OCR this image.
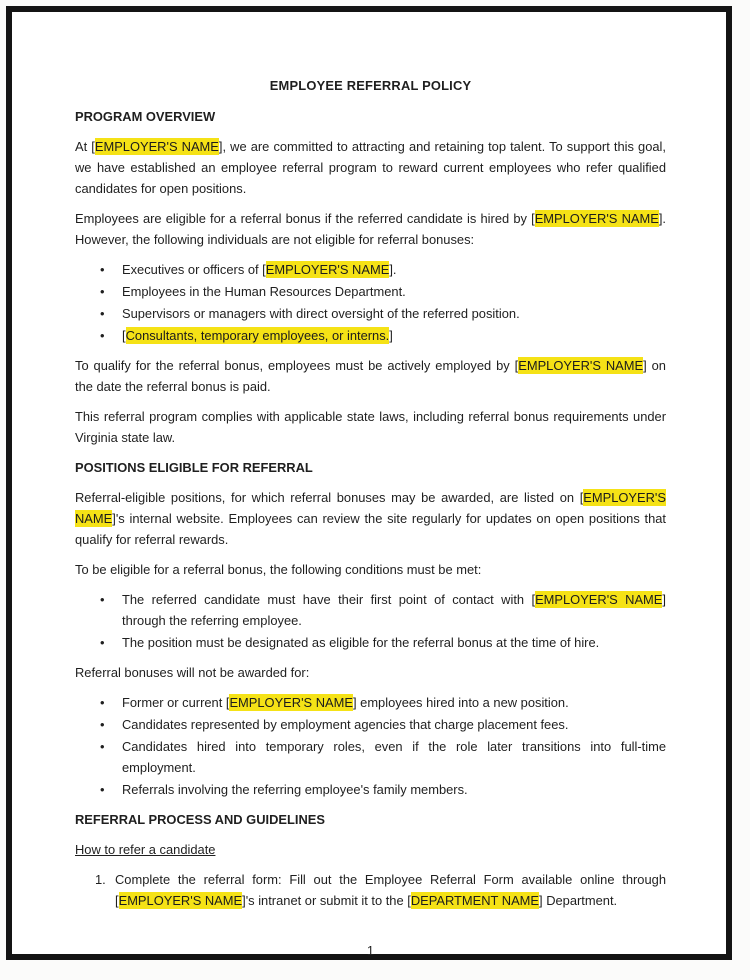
EMPLOYEE REFERRAL POLICY

PROGRAM OVERVIEW

At [EMPLOYER'S NAME], we are committed to attracting and retaining top talent. To support this goal, we have established an employee referral program to reward current employees who refer qualified candidates for open positions.

Employees are eligible for a referral bonus if the referred candidate is hired by [EMPLOYER'S NAME]. However, the following individuals are not eligible for referral bonuses:

• Executives or officers of [EMPLOYER'S NAME].
• Employees in the Human Resources Department.
• Supervisors or managers with direct oversight of the referred position.
• [Consultants, temporary employees, or interns.]

To qualify for the referral bonus, employees must be actively employed by [EMPLOYER'S NAME] on the date the referral bonus is paid.

This referral program complies with applicable state laws, including referral bonus requirements under Virginia state law.

POSITIONS ELIGIBLE FOR REFERRAL

Referral-eligible positions, for which referral bonuses may be awarded, are listed on [EMPLOYER'S NAME]'s internal website. Employees can review the site regularly for updates on open positions that qualify for referral rewards.

To be eligible for a referral bonus, the following conditions must be met:

• The referred candidate must have their first point of contact with [EMPLOYER'S NAME] through the referring employee.
• The position must be designated as eligible for the referral bonus at the time of hire.

Referral bonuses will not be awarded for:

• Former or current [EMPLOYER'S NAME] employees hired into a new position.
• Candidates represented by employment agencies that charge placement fees.
• Candidates hired into temporary roles, even if the role later transitions into full-time employment.
• Referrals involving the referring employee's family members.

REFERRAL PROCESS AND GUIDELINES

How to refer a candidate

1. Complete the referral form: Fill out the Employee Referral Form available online through [EMPLOYER'S NAME]'s intranet or submit it to the [DEPARTMENT NAME] Department.
1
